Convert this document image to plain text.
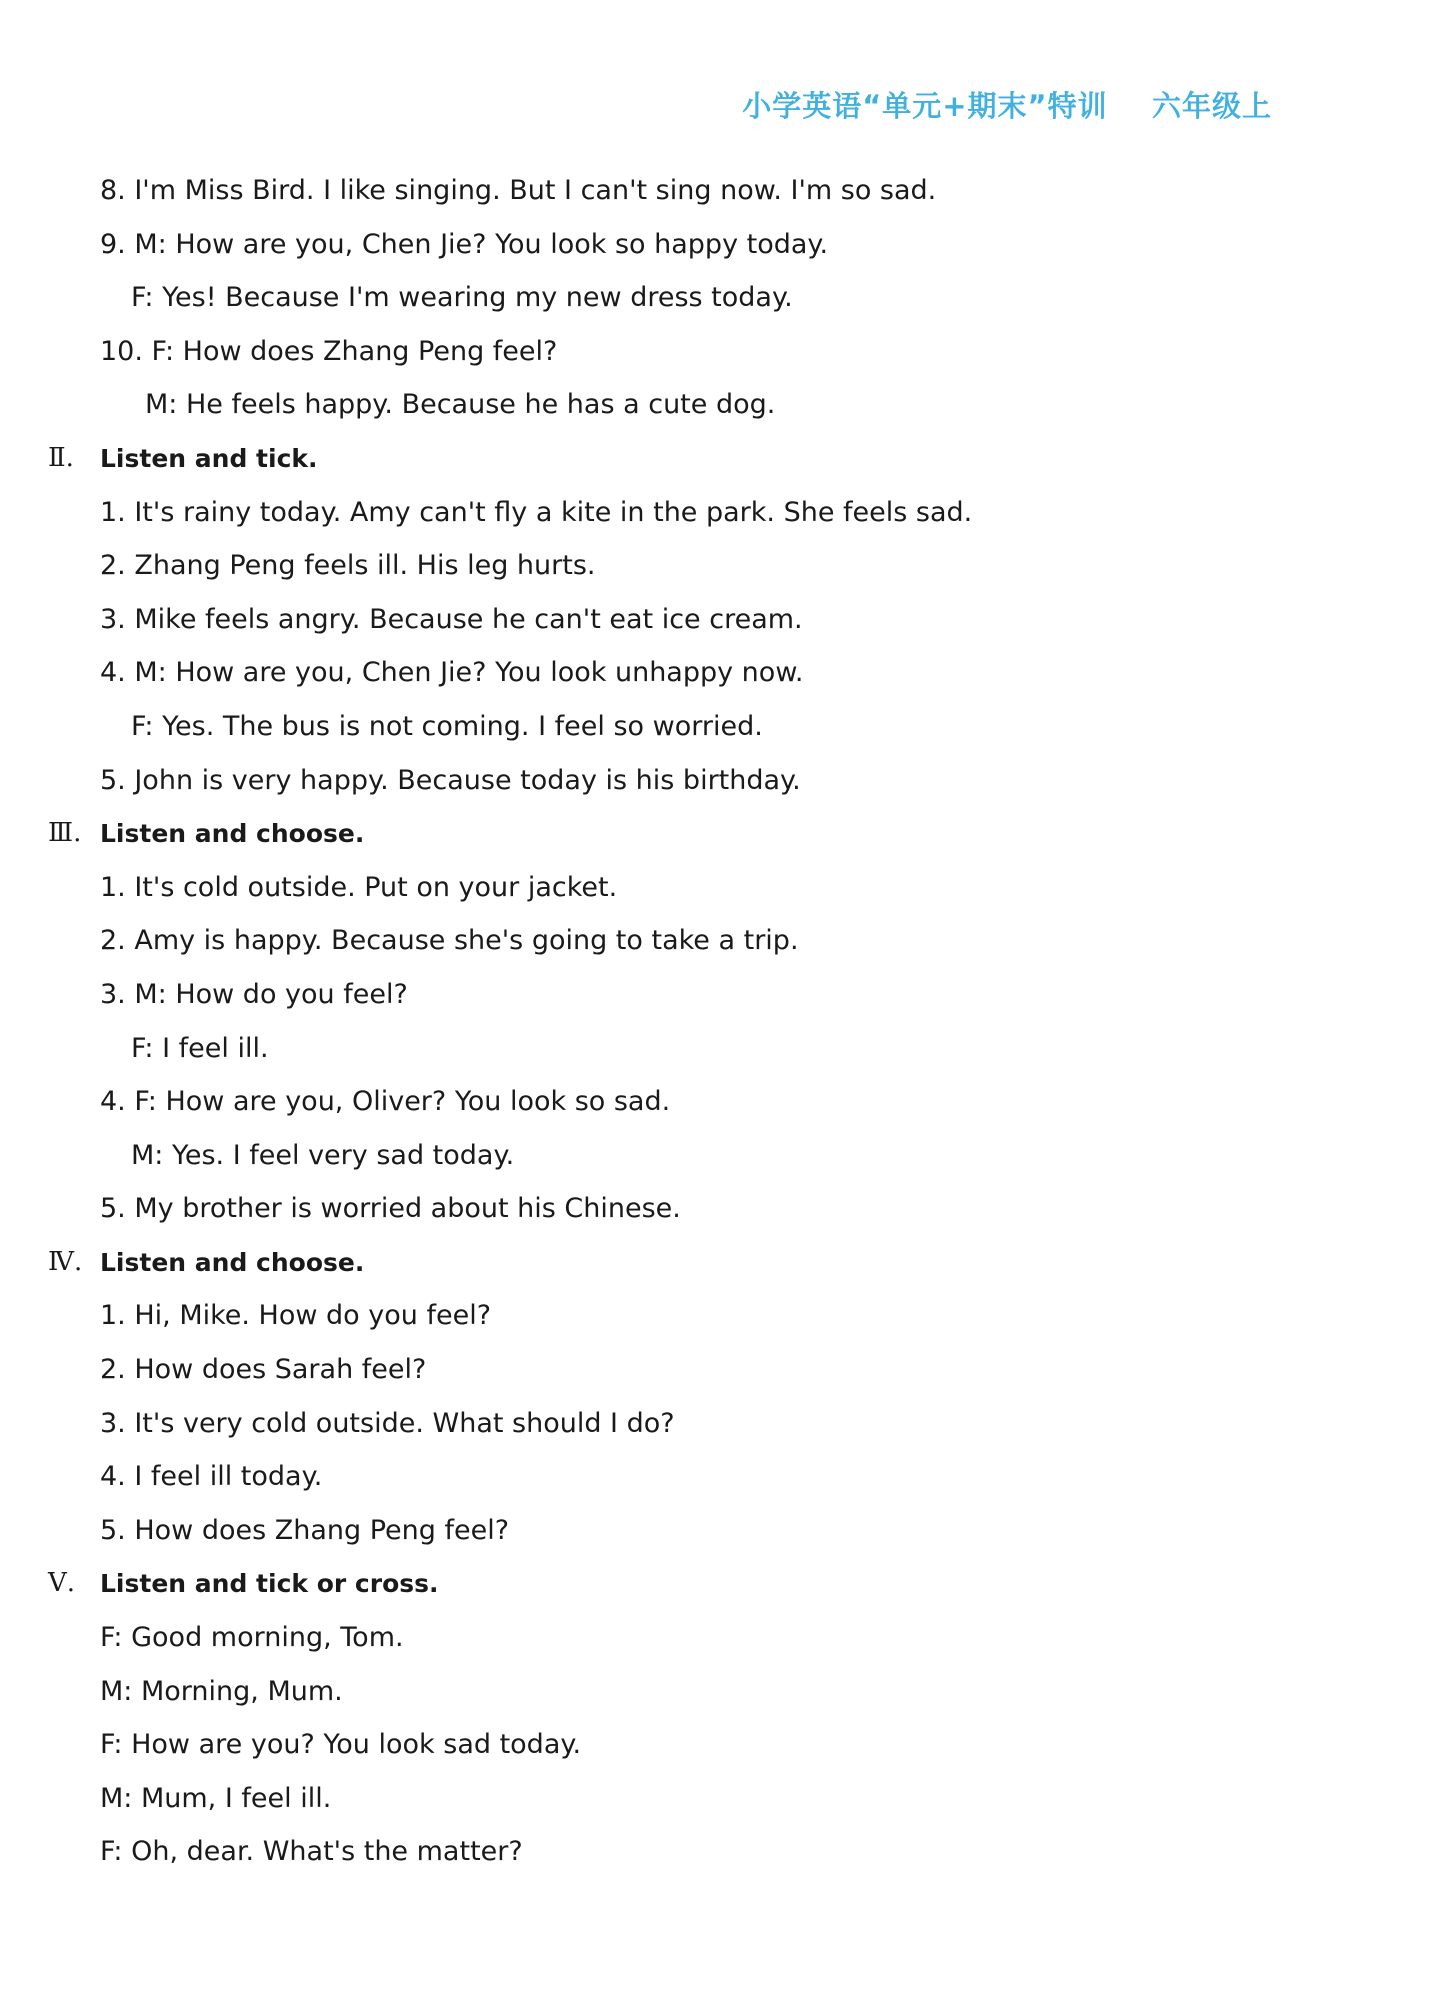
小学英语“单元+期末”特训    六年级上
8. I'm Miss Bird. I like singing. But I can't sing now. I'm so sad.
9. M: How are you, Chen Jie? You look so happy today.
F: Yes! Because I'm wearing my new dress today.
10. F: How does Zhang Peng feel?
M: He feels happy. Because he has a cute dog.
Ⅱ.	Listen and tick.
1. It's rainy today. Amy can't fly a kite in the park. She feels sad.
2. Zhang Peng feels ill. His leg hurts.
3. Mike feels angry. Because he can't eat ice cream.
4. M: How are you, Chen Jie? You look unhappy now.
F: Yes. The bus is not coming. I feel so worried.
5. John is very happy. Because today is his birthday.
Ⅲ. Listen and choose.
1. It's cold outside. Put on your jacket.
2. Amy is happy. Because she's going to take a trip.
3. M: How do you feel?
F: I feel ill.
4. F: How are you, Oliver? You look so sad.
M: Yes. I feel very sad today.
5. My brother is worried about his Chinese.
Ⅳ. Listen and choose.
1. Hi, Mike. How do you feel?
2. How does Sarah feel?
3. It's very cold outside. What should I do?
4. I feel ill today.
5. How does Zhang Peng feel?
Ⅴ. Listen and tick or cross.
F: Good morning, Tom.
M: Morning, Mum.
F: How are you? You look sad today.
M: Mum, I feel ill.
F: Oh, dear. What's the matter?
